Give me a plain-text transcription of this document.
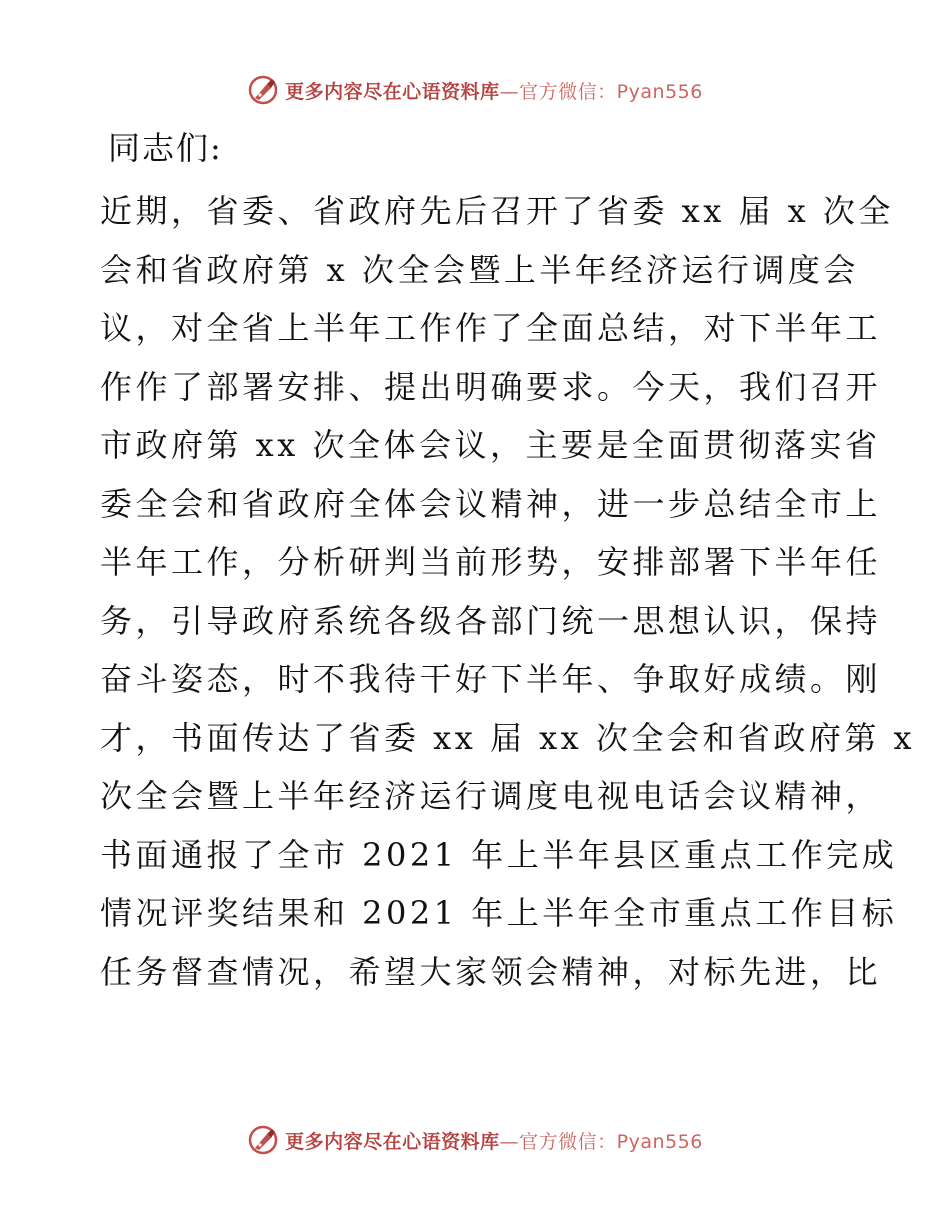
更多内容尽在心语资料库—官方微信：Pyan556
同志们:
近期，省委、省政府先后召开了省委 xx 届 x 次全
会和省政府第 x 次全会暨上半年经济运行调度会
议，对全省上半年工作作了全面总结，对下半年工
作作了部署安排、提出明确要求。今天，我们召开
市政府第 xx 次全体会议，主要是全面贯彻落实省
委全会和省政府全体会议精神，进一步总结全市上
半年工作，分析研判当前形势，安排部署下半年任
务，引导政府系统各级各部门统一思想认识，保持
奋斗姿态，时不我待干好下半年、争取好成绩。刚
才，书面传达了省委 xx 届 xx 次全会和省政府第 x
次全会暨上半年经济运行调度电视电话会议精神，
书面通报了全市 2021 年上半年县区重点工作完成
情况评奖结果和 2021 年上半年全市重点工作目标
任务督查情况，希望大家领会精神，对标先进，比
更多内容尽在心语资料库—官方微信：Pyan556
